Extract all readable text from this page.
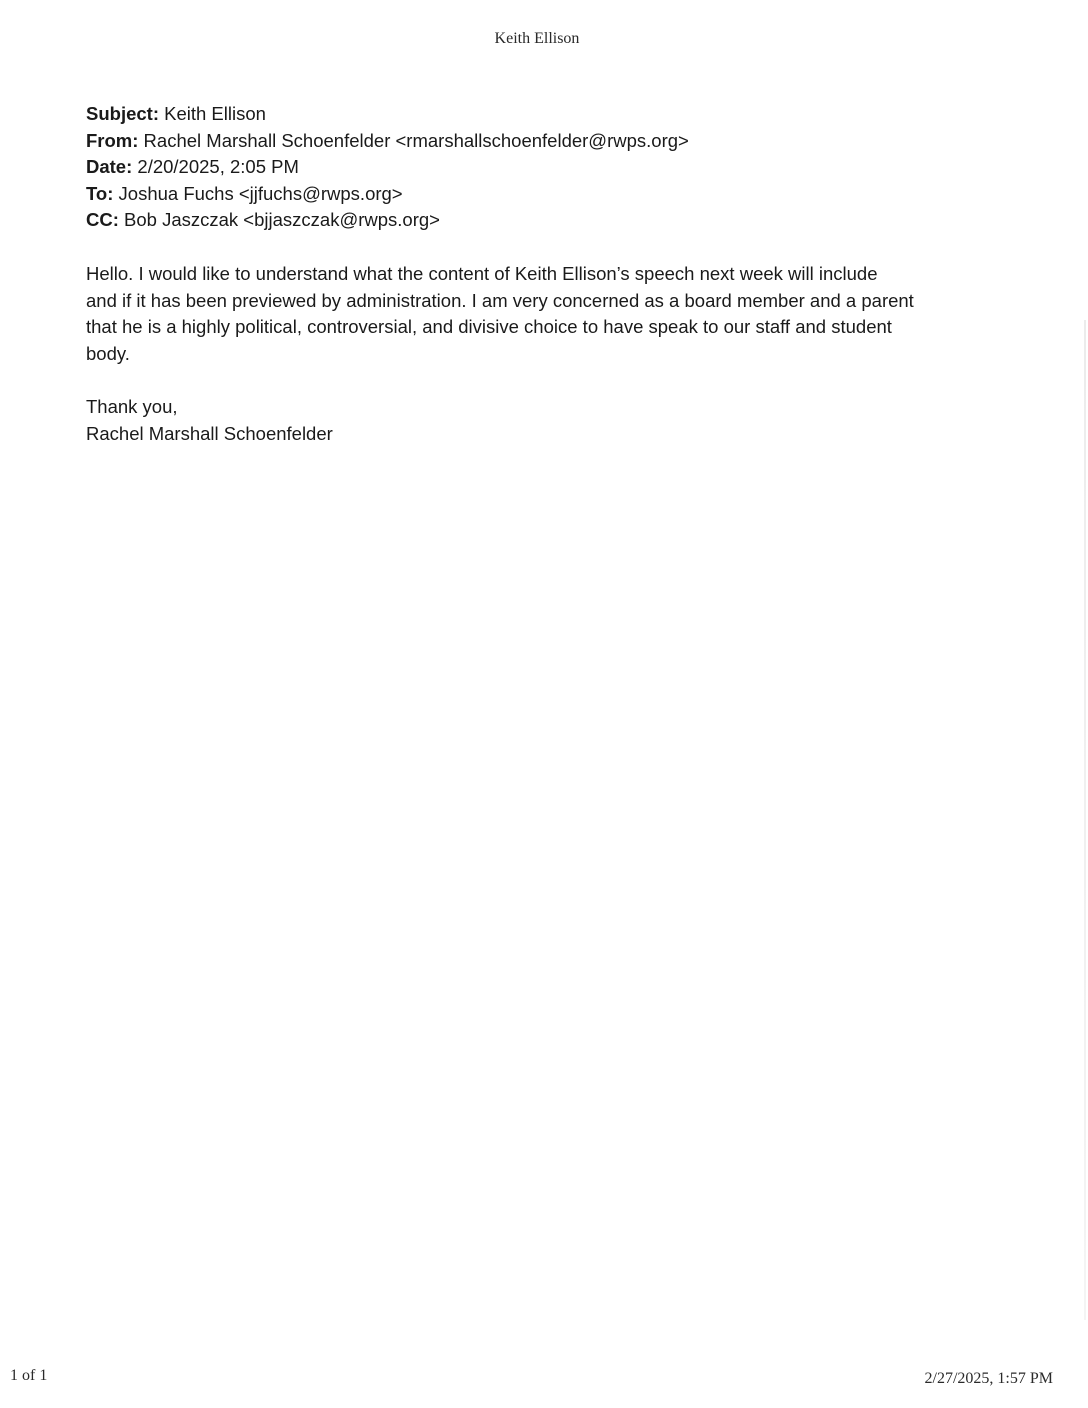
Keith Ellison
Subject: Keith Ellison
From: Rachel Marshall Schoenfelder <rmarshallschoenfelder@rwps.org>
Date: 2/20/2025, 2:05 PM
To: Joshua Fuchs <jjfuchs@rwps.org>
CC: Bob Jaszczak <bjjaszczak@rwps.org>

Hello. I would like to understand what the content of Keith Ellison’s speech next week will include

and if it has been previewed by administration. I am very concerned as a board member and a parent

that he is a highly political, controversial, and divisive choice to have speak to our staff and student

body.

Thank you,
Rachel Marshall Schoenfelder
1 of 1	2/27/2025, 1:57 PM
